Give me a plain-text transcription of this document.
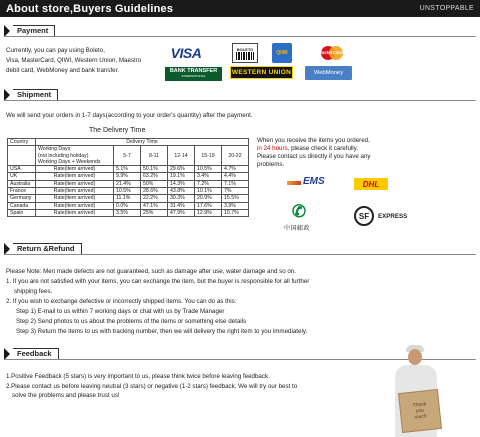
About store,Buyers Guidelines	UNSTOPPABLE
Payment
Currently, you can pay using Boleto,
Visa, MasterCard, QIWI, Western Union, Maestro
debit card, WebMoney and bank transfer.
VISA	BOLETO
QIWI	MasterCard
BANK TRANSFER
INTERNATIONAL	WESTERN UNION	WebMoney
Shipment
We will send your orders in 1-7 days(according to your order's quantity) after the payment.
The Delivery Time
Country	Delivery Time					

	Working Days
(not including holiday)
Working Days + Weekends	5-7	8-11	12-14	15-19	20-22
USA	Rate(item arrived)	5.1%	50.1%	29.6%	10.5%	4.7%
UK	Rate(item arrived)	9.9%	63.2%	19.1%	3.4%	4.4%
Australia	Rate(item arrived)	21.4%	50%	14.3%	7.2%	7.1%
France	Rate(item arrived)	10.5%	28.6%	43.8%	10.1%	7%
Germany	Rate(item arrived)	11.1%	22.2%	30.3%	20.9%	15.5%
Canada	Rate(item arrived)	0.0%	47.1%	31.4%	17.6%	3.9%
Spain	Rate(item arrived)	3.5%	25%	47.9%	12.9%	10.7%
When you receive the items you ordered, in 24 hours, please check it carefully. Please contact us directly if you have any problems.
EMS	DHL
✆
中国邮政
SF	EXPRESS
Return &Refund
Please Note: Men made defects are not guaranteed, such as damage after use, water damage and so on.
1. If you are not satisfied with your items, you can exchange the item, but the buyer is responsible for all further
shipping fees.
2. If you wish to exchange defective or incorrectly shipped items. You can do as this:
Step 1) E-mail to us within 7 working days or chat with us by Trade Manager
Step 2) Send photos to us about the problems of the items or something else details
Step 3) Return the items to us with tracking number, then we will delivery the right item to you immediately.
Feedback
Thank
you
much
1.Positive Feedback (5 stars) is very important to us, please think twice before leaving feedback.
2.Please contact us before leaving neutral (3 stars) or negative (1-2 stars) feedback. We will try our best to
solve the problems and please trust us!
